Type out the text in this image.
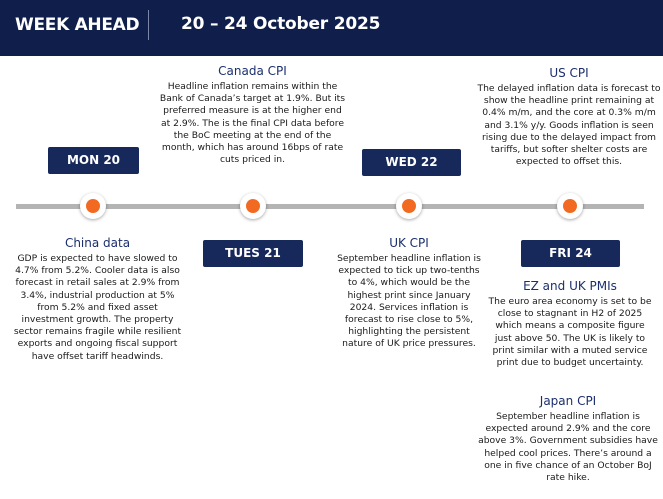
WEEK AHEAD 20 – 24 October 2025
MON 20
TUES 21
WED 22
FRI 24
Canada CPI
Headline inflation remains within the Bank of Canada’s target at 1.9%. But its preferred measure is at the higher end at 2.9%. The is the final CPI data before the BoC meeting at the end of the month, which has around 16bps of rate cuts priced in.
US CPI
The delayed inflation data is forecast to show the headline print remaining at 0.4% m/m, and the core at 0.3% m/m and 3.1% y/y. Goods inflation is seen rising due to the delayed impact from tariffs, but softer shelter costs are expected to offset this.
China data
GDP is expected to have slowed to 4.7% from 5.2%. Cooler data is also forecast in retail sales at 2.9% from 3.4%, industrial production at 5% from 5.2% and fixed asset investment growth. The property sector remains fragile while resilient exports and ongoing fiscal support have offset tariff headwinds.
UK CPI
September headline inflation is expected to tick up two-tenths to 4%, which would be the highest print since January 2024. Services inflation is forecast to rise close to 5%, highlighting the persistent nature of UK price pressures.
EZ and UK PMIs
The euro area economy is set to be close to stagnant in H2 of 2025 which means a composite figure just above 50. The UK is likely to print similar with a muted service print due to budget uncertainty.
Japan CPI
September headline inflation is expected around 2.9% and the core above 3%. Government subsidies have helped cool prices. There’s around a one in five chance of an October BoJ rate hike.
